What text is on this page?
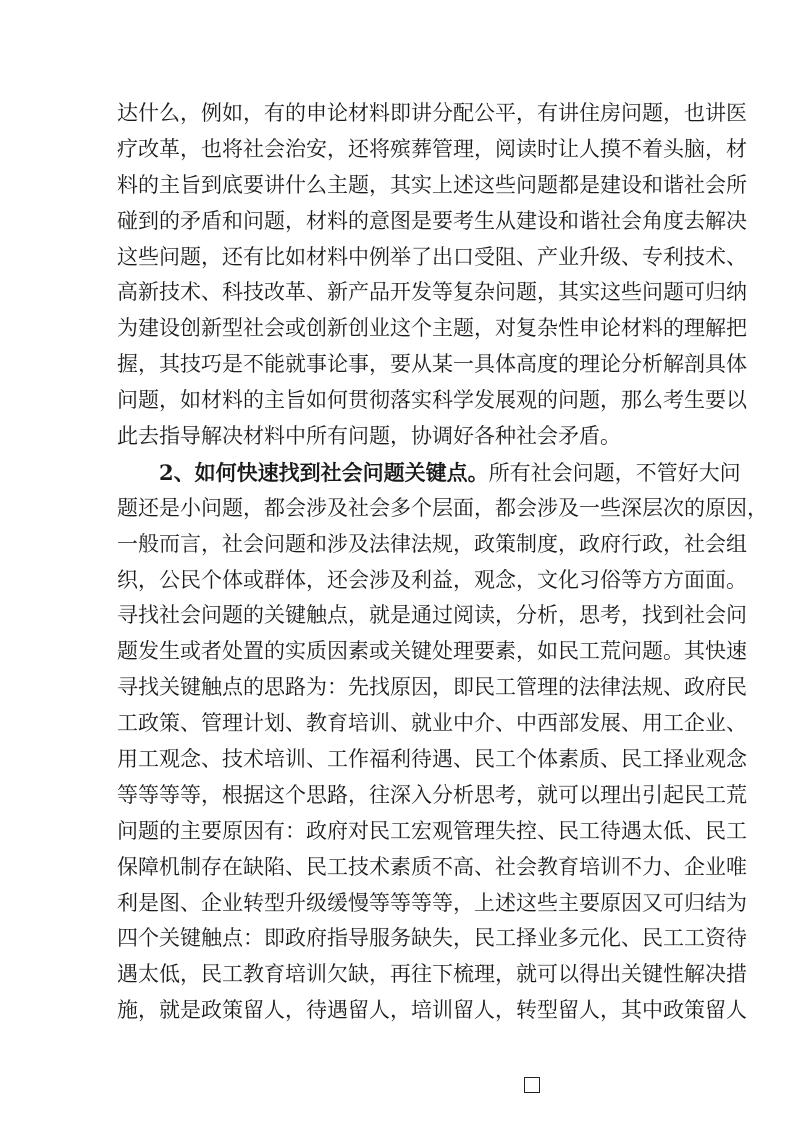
达什么，例如，有的申论材料即讲分配公平，有讲住房问题，也讲医
疗改革，也将社会治安，还将殡葬管理，阅读时让人摸不着头脑，材
料的主旨到底要讲什么主题，其实上述这些问题都是建设和谐社会所
碰到的矛盾和问题，材料的意图是要考生从建设和谐社会角度去解决
这些问题，还有比如材料中例举了出口受阻、产业升级、专利技术、
高新技术、科技改革、新产品开发等复杂问题，其实这些问题可归纳
为建设创新型社会或创新创业这个主题，对复杂性申论材料的理解把
握，其技巧是不能就事论事，要从某一具体高度的理论分析解剖具体
问题，如材料的主旨如何贯彻落实科学发展观的问题，那么考生要以
此去指导解决材料中所有问题，协调好各种社会矛盾。
2、如何快速找到社会问题关键点。所有社会问题，不管好大问
题还是小问题，都会涉及社会多个层面，都会涉及一些深层次的原因，
一般而言，社会问题和涉及法律法规，政策制度，政府行政，社会组
织，公民个体或群体，还会涉及利益，观念，文化习俗等方方面面。
寻找社会问题的关键触点，就是通过阅读，分析，思考，找到社会问
题发生或者处置的实质因素或关键处理要素，如民工荒问题。其快速
寻找关键触点的思路为：先找原因，即民工管理的法律法规、政府民
工政策、管理计划、教育培训、就业中介、中西部发展、用工企业、
用工观念、技术培训、工作福利待遇、民工个体素质、民工择业观念
等等等等，根据这个思路，往深入分析思考，就可以理出引起民工荒
问题的主要原因有：政府对民工宏观管理失控、民工待遇太低、民工
保障机制存在缺陷、民工技术素质不高、社会教育培训不力、企业唯
利是图、企业转型升级缓慢等等等等，上述这些主要原因又可归结为
四个关键触点：即政府指导服务缺失，民工择业多元化、民工工资待
遇太低，民工教育培训欠缺，再往下梳理，就可以得出关键性解决措
施，就是政策留人，待遇留人，培训留人，转型留人，其中政策留人
